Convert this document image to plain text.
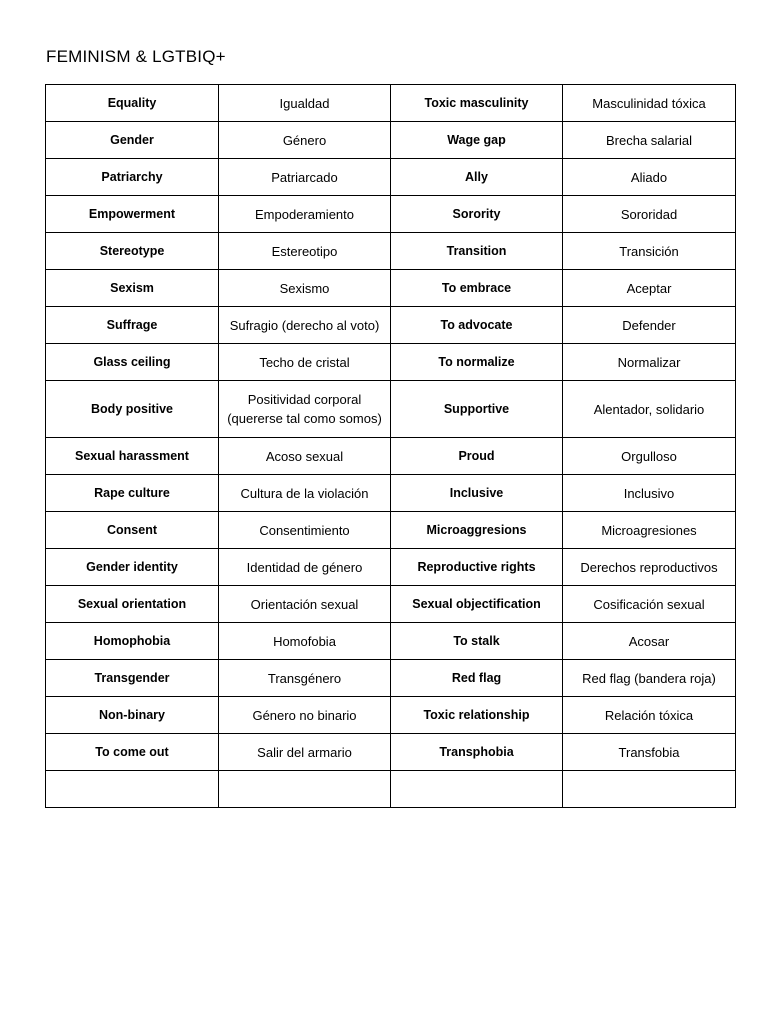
FEMINISM & LGTBIQ+
Equality	Igualdad	Toxic masculinity	Masculinidad tóxica
Gender	Género	Wage gap	Brecha salarial
Patriarchy	Patriarcado	Ally	Aliado
Empowerment	Empoderamiento	Sorority	Sororidad
Stereotype	Estereotipo	Transition	Transición
Sexism	Sexismo	To embrace	Aceptar
Suffrage	Sufragio (derecho al voto)	To advocate	Defender
Glass ceiling	Techo de cristal	To normalize	Normalizar
Body positive	Positividad corporal (quererse tal como somos)	Supportive	Alentador, solidario
Sexual harassment	Acoso sexual	Proud	Orgulloso
Rape culture	Cultura de la violación	Inclusive	Inclusivo
Consent	Consentimiento	Microaggresions	Microagresiones
Gender identity	Identidad de género	Reproductive rights	Derechos reproductivos
Sexual orientation	Orientación sexual	Sexual objectification	Cosificación sexual
Homophobia	Homofobia	To stalk	Acosar
Transgender	Transgénero	Red flag	Red flag (bandera roja)
Non-binary	Género no binario	Toxic relationship	Relación tóxica
To come out	Salir del armario	Transphobia	Transfobia
